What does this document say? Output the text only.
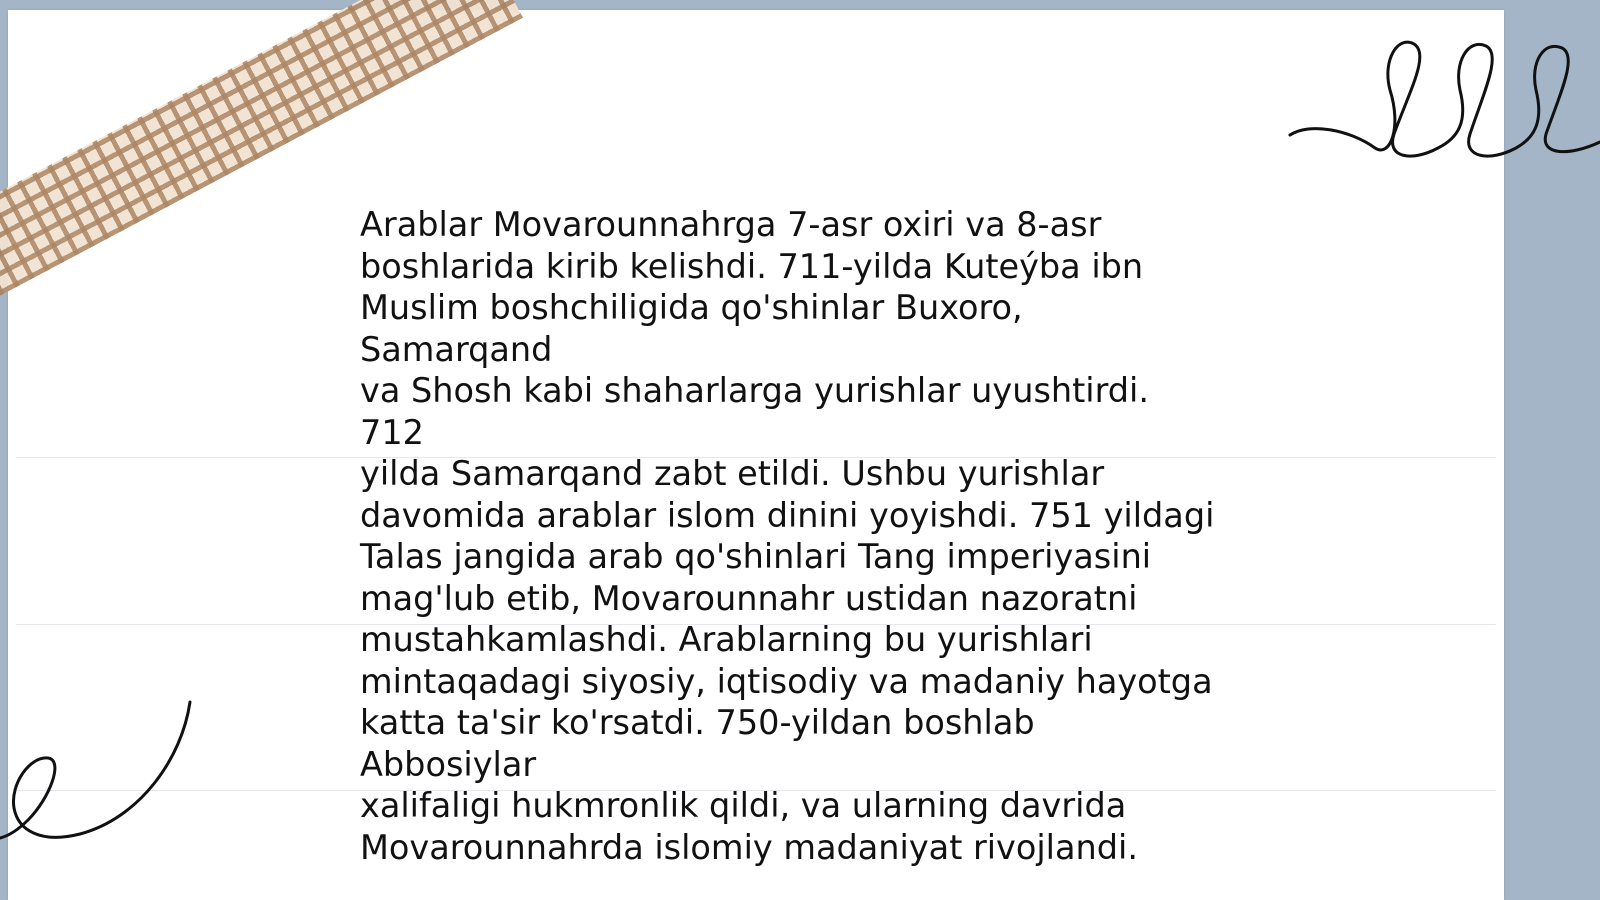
Arablar Movarounnahrga 7-asr oxiri va 8-asr
boshlarida kirib kelishdi. 711-yilda Kuteýba ibn
Muslim boshchiligida qo'shinlar Buxoro, Samarqand
va Shosh kabi shaharlarga yurishlar uyushtirdi. 712
yilda Samarqand zabt etildi. Ushbu yurishlar
davomida arablar islom dinini yoyishdi. 751 yildagi
Talas jangida arab qo'shinlari Tang imperiyasini
mag'lub etib, Movarounnahr ustidan nazoratni
mustahkamlashdi. Arablarning bu yurishlari
mintaqadagi siyosiy, iqtisodiy va madaniy hayotga
katta ta'sir ko'rsatdi. 750-yildan boshlab Abbosiylar
xalifaligi hukmronlik qildi, va ularning davrida
Movarounnahrda islomiy madaniyat rivojlandi.
